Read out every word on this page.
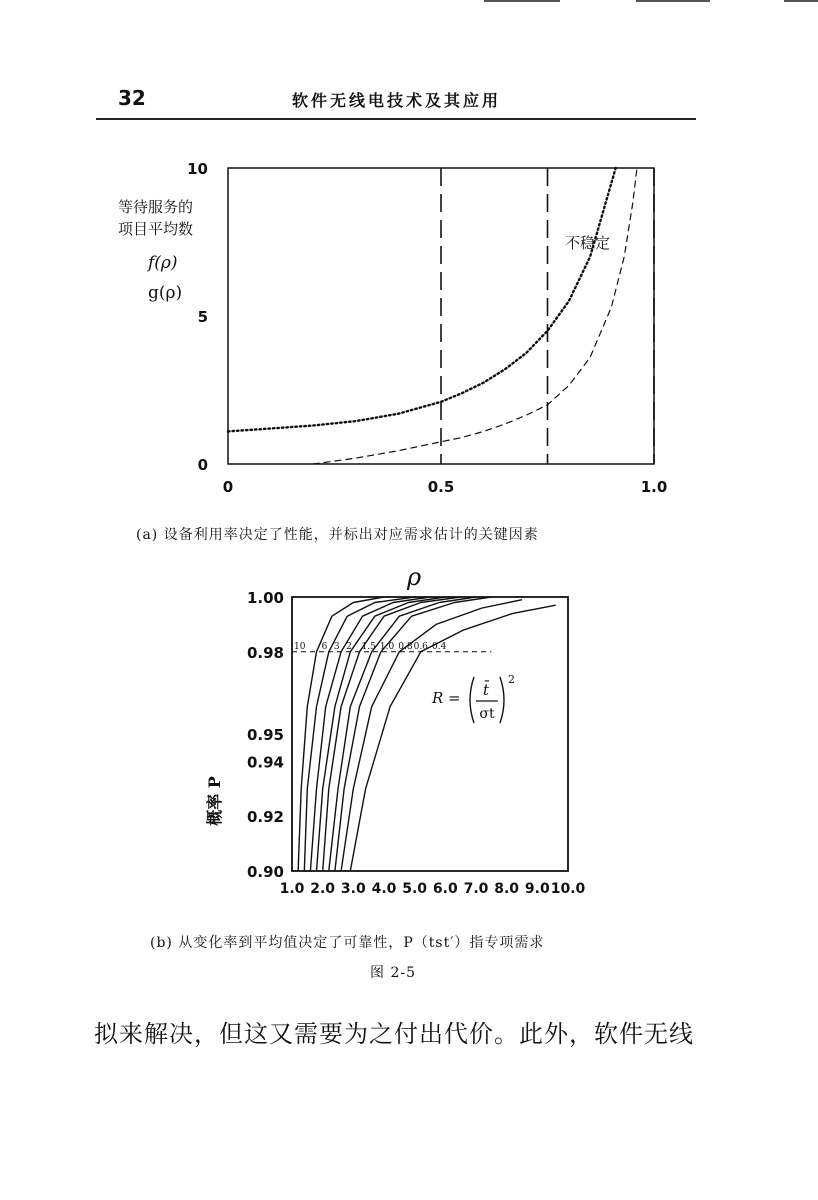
32	软件无线电技术及其应用
等待服务的
项目平均数
f(ρ)
g(ρ)
0
5
10
0	0.5	1.0
不稳定
(a) 设备利用率决定了性能，并标出对应需求估计的关键因素
ρ
概率 P
1.00
0.98
0.95
0.94
0.92
0.90
1.0 2.0 3.0 4.0 5.0 6.0 7.0 8.0 9.0 10.0
10 6 3 2 1.5 1.0 0.8 0.6 0.4
R = t̄
σt
2
(b) 从变化率到平均值决定了可靠性，P（tst′）指专项需求
图 2-5
拟来解决，但这又需要为之付出代价。此外，软件无线
